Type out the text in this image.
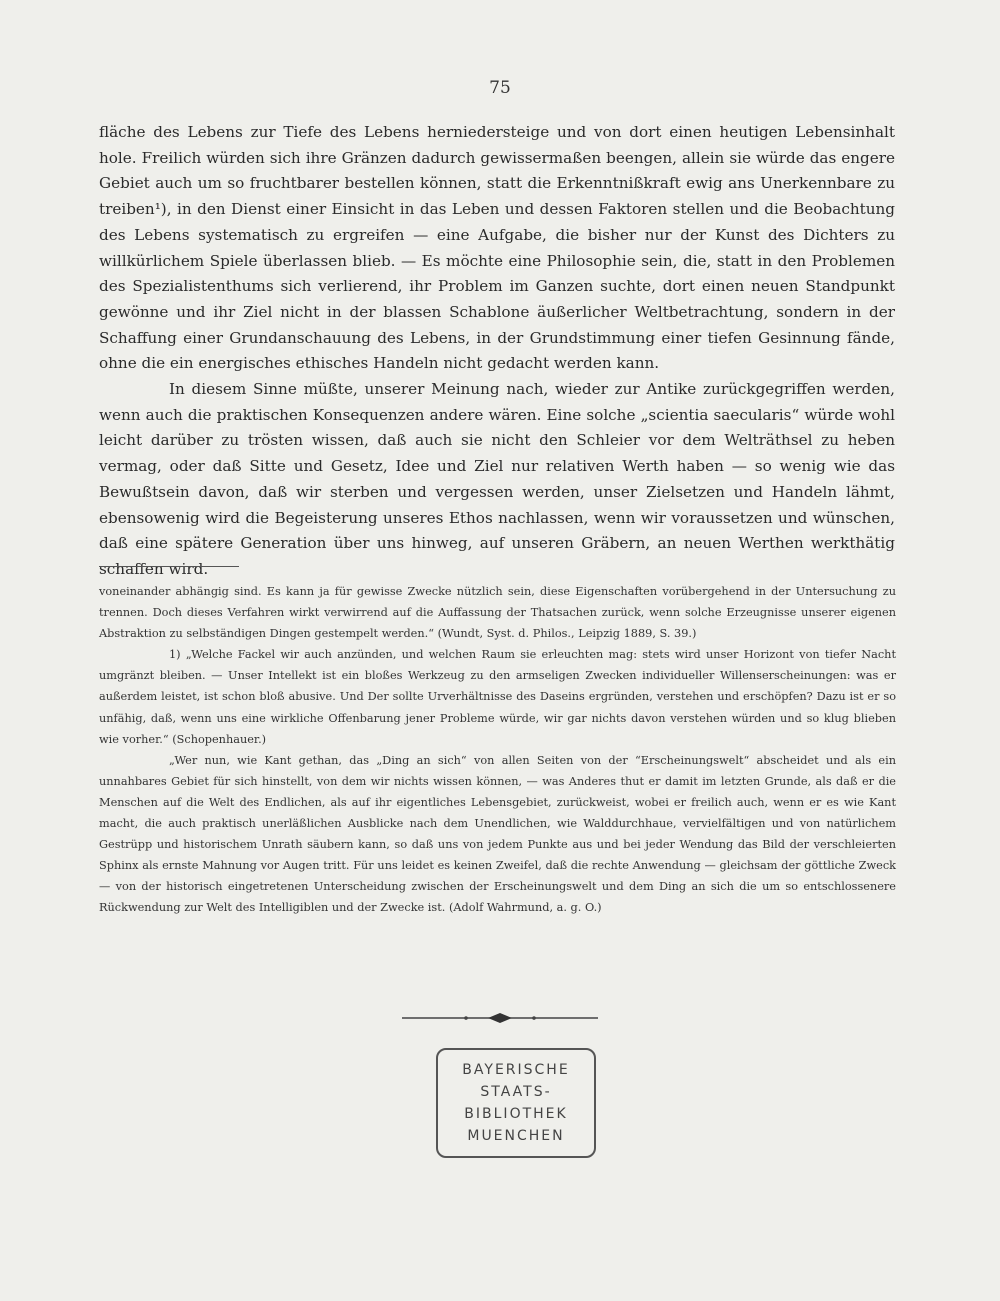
75

fläche des Lebens zur Tiefe des Lebens herniedersteige und von dort einen heutigen Lebensinhalt hole. Freilich würden sich ihre Gränzen dadurch gewissermaßen beengen, allein sie würde das engere Gebiet auch um so fruchtbarer bestellen können, statt die Erkenntnißkraft ewig ans Unerkennbare zu treiben¹), in den Dienst einer Einsicht in das Leben und dessen Faktoren stellen und die Beobachtung des Lebens systematisch zu ergreifen — eine Aufgabe, die bisher nur der Kunst des Dichters zu willkürlichem Spiele überlassen blieb. — Es möchte eine Philosophie sein, die, statt in den Problemen des Spezialistenthums sich verlierend, ihr Problem im Ganzen suchte, dort einen neuen Standpunkt gewönne und ihr Ziel nicht in der blassen Schablone äußerlicher Weltbetrachtung, sondern in der Schaffung einer Grundanschauung des Lebens, in der Grundstimmung einer tiefen Gesinnung fände, ohne die ein energisches ethisches Handeln nicht gedacht werden kann.

In diesem Sinne müßte, unserer Meinung nach, wieder zur Antike zurückgegriffen werden, wenn auch die praktischen Konsequenzen andere wären. Eine solche „scientia saecularis“ würde wohl leicht darüber zu trösten wissen, daß auch sie nicht den Schleier vor dem Welträthsel zu heben vermag, oder daß Sitte und Gesetz, Idee und Ziel nur relativen Werth haben — so wenig wie das Bewußtsein davon, daß wir sterben und vergessen werden, unser Zielsetzen und Handeln lähmt, ebensowenig wird die Begeisterung unseres Ethos nachlassen, wenn wir voraussetzen und wünschen, daß eine spätere Generation über uns hinweg, auf unseren Gräbern, an neuen Werthen werkthätig schaffen wird.

voneinander abhängig sind. Es kann ja für gewisse Zwecke nützlich sein, diese Eigenschaften vorübergehend in der Untersuchung zu trennen. Doch dieses Verfahren wirkt verwirrend auf die Auffassung der Thatsachen zurück, wenn solche Erzeugnisse unserer eigenen Abstraktion zu selbständigen Dingen gestempelt werden.“ (Wundt, Syst. d. Philos., Leipzig 1889, S. 39.)

1) „Welche Fackel wir auch anzünden, und welchen Raum sie erleuchten mag: stets wird unser Horizont von tiefer Nacht umgränzt bleiben. — Unser Intellekt ist ein bloßes Werkzeug zu den armseligen Zwecken individueller Willenserscheinungen: was er außerdem leistet, ist schon bloß abusive. Und Der sollte Urverhältnisse des Daseins ergründen, verstehen und erschöpfen? Dazu ist er so unfähig, daß, wenn uns eine wirkliche Offenbarung jener Probleme würde, wir gar nichts davon verstehen würden und so klug blieben wie vorher.“ (Schopenhauer.)

„Wer nun, wie Kant gethan, das „Ding an sich“ von allen Seiten von der “Erscheinungswelt“ abscheidet und als ein unnahbares Gebiet für sich hinstellt, von dem wir nichts wissen können, — was Anderes thut er damit im letzten Grunde, als daß er die Menschen auf die Welt des Endlichen, als auf ihr eigentliches Lebensgebiet, zurückweist, wobei er freilich auch, wenn er es wie Kant macht, die auch praktisch unerläßlichen Ausblicke nach dem Unendlichen, wie Walddurchhaue, vervielfältigen und von natürlichem Gestrüpp und historischem Unrath säubern kann, so daß uns von jedem Punkte aus und bei jeder Wendung das Bild der verschleierten Sphinx als ernste Mahnung vor Augen tritt. Für uns leidet es keinen Zweifel, daß die rechte Anwendung — gleichsam der göttliche Zweck — von der historisch eingetretenen Unterscheidung zwischen der Erscheinungswelt und dem Ding an sich die um so entschlossenere Rückwendung zur Welt des Intelligiblen und der Zwecke ist. (Adolf Wahrmund, a. g. O.)

BAYERISCHE
STAATS-
BIBLIOTHEK
MUENCHEN
